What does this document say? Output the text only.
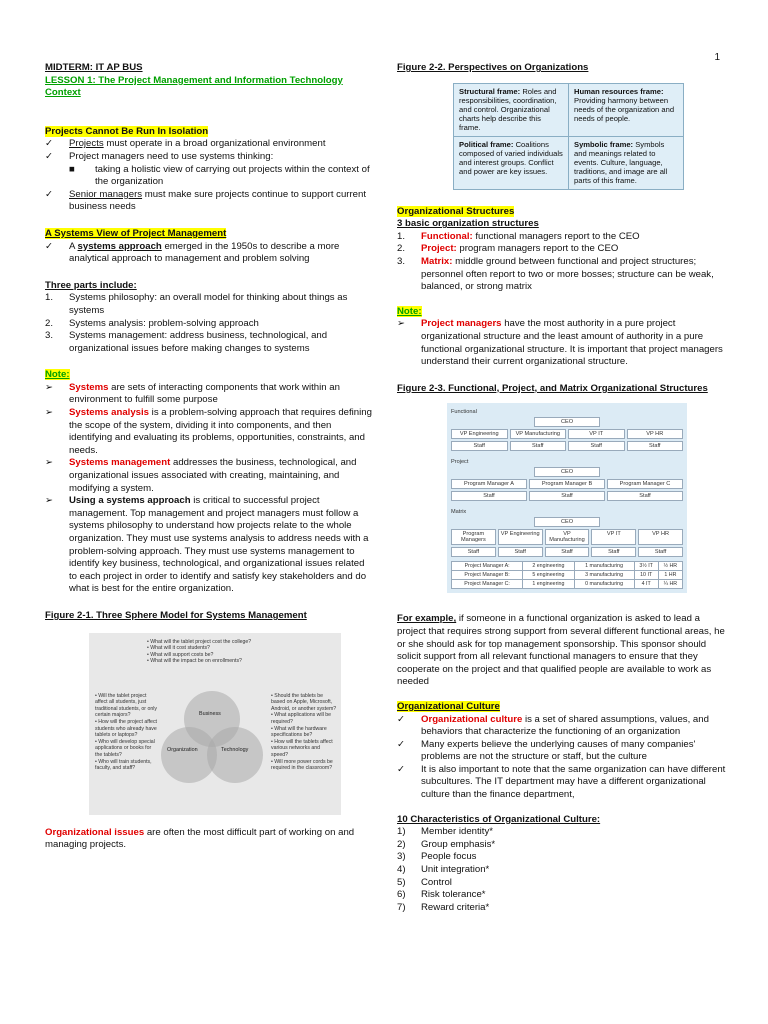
1

MIDTERM: IT AP BUS

LESSON 1: The Project Management and Information Technology
Context

Projects Cannot Be Run In Isolation

✓	Projects must operate in a broad organizational environment
✓	Project managers need to use systems thinking:
■	taking a holistic view of carrying out projects within the context of the organization
✓	Senior managers must make sure projects continue to support current business needs

A Systems View of Project Management

✓	A systems approach emerged in the 1950s to describe a more analytical approach to management and problem solving

Three parts include:

1.	Systems philosophy: an overall model for thinking about things as systems
2.	Systems analysis: problem-solving approach
3.	Systems management: address business, technological, and organizational issues before making changes to systems

Note:

➢	Systems are sets of interacting components that work within an environment to fulfill some purpose
➢	Systems analysis is a problem-solving approach that requires defining the scope of the system, dividing it into components, and then identifying and evaluating its problems, opportunities, constraints, and needs.
➢	Systems management addresses the business, technological, and organizational issues associated with creating, maintaining, and modifying a system.
➢	Using a systems approach is critical to successful project management. Top management and project managers must follow a systems philosophy to understand how projects relate to the whole organization. They must use systems analysis to address needs with a problem-solving approach. They must use systems management to identify key business, technological, and organizational issues related to each project in order to identify and satisfy key stakeholders and do what is best for the entire organization.

Figure 2-1. Three Sphere Model for Systems Management

• What will the tablet project cost the college?
• What will it cost students?
• What will support costs be?
• What will the impact be on enrollments?
• Will the tablet project affect all students, just traditional students, or only certain majors?
• How will the project affect students who already have tablets or laptops?
• Who will develop special applications or books for the tablets?
• Who will train students, faculty, and staff?
• Should the tablets be based on Apple, Microsoft, Android, or another system?
• What applications will be required?
• What will the hardware specifications be?
• How will the tablets affect various networks and speed?
• Will more power cords be required in the classroom?
Business
Organization	Technology

Organizational issues are often the most difficult part of working on and managing projects.

Figure 2-2. Perspectives on Organizations

Structural frame: Roles and responsibilities, coordination, and control. Organizational charts help describe this frame.	Human resources frame: Providing harmony between needs of the organization and needs of people.
Political frame: Coalitions composed of varied individuals and interest groups. Conflict and power are key issues.	Symbolic frame: Symbols and meanings related to events. Culture, language, traditions, and image are all parts of this frame.

Organizational Structures

3 basic organization structures

1.	Functional: functional managers report to the CEO
2.	Project: program managers report to the CEO
3.	Matrix: middle ground between functional and project structures; personnel often report to two or more bosses; structure can be weak, balanced, or strong matrix

Note:

➢	Project managers have the most authority in a pure project organizational structure and the least amount of authority in a pure functional organizational structure. It is important that project managers understand their current organizational structure.

Figure 2-3. Functional, Project, and Matrix Organizational Structures

Functional
CEO
VP Engineering	VP Manufacturing	VP IT	VP HR
Staff	Staff	Staff	Staff
Project
CEO
Program Manager A	Program Manager B	Program Manager C
Staff	Staff	Staff
Matrix
CEO
Program Managers
VP Engineering	VP Manufacturing
VP IT	VP HR
Staff	Staff	Staff	Staff	Staff
Project Manager A:	2 engineering	1 manufacturing	3½ IT	½ HR
Project Manager B:	5 engineering	3 manufacturing	10 IT	1 HR
Project Manager C:	1 engineering	0 manufacturing	4 IT	¼ HR

For example, if someone in a functional organization is asked to lead a project that requires strong support from several different functional areas, he or she should ask for top management sponsorship. This sponsor should solicit support from all relevant functional managers to ensure that they cooperate on the project and that qualified people are available to work as needed

Organizational Culture

✓	Organizational culture is a set of shared assumptions, values, and behaviors that characterize the functioning of an organization
✓	Many experts believe the underlying causes of many companies' problems are not the structure or staff, but the culture
✓	It is also important to note that the same organization can have different subcultures. The IT department may have a different organizational culture than the finance department,

10 Characteristics of Organizational Culture:

1)	Member identity*
2)	Group emphasis*
3)	People focus
4)	Unit integration*
5)	Control
6)	Risk tolerance*
7)	Reward criteria*
